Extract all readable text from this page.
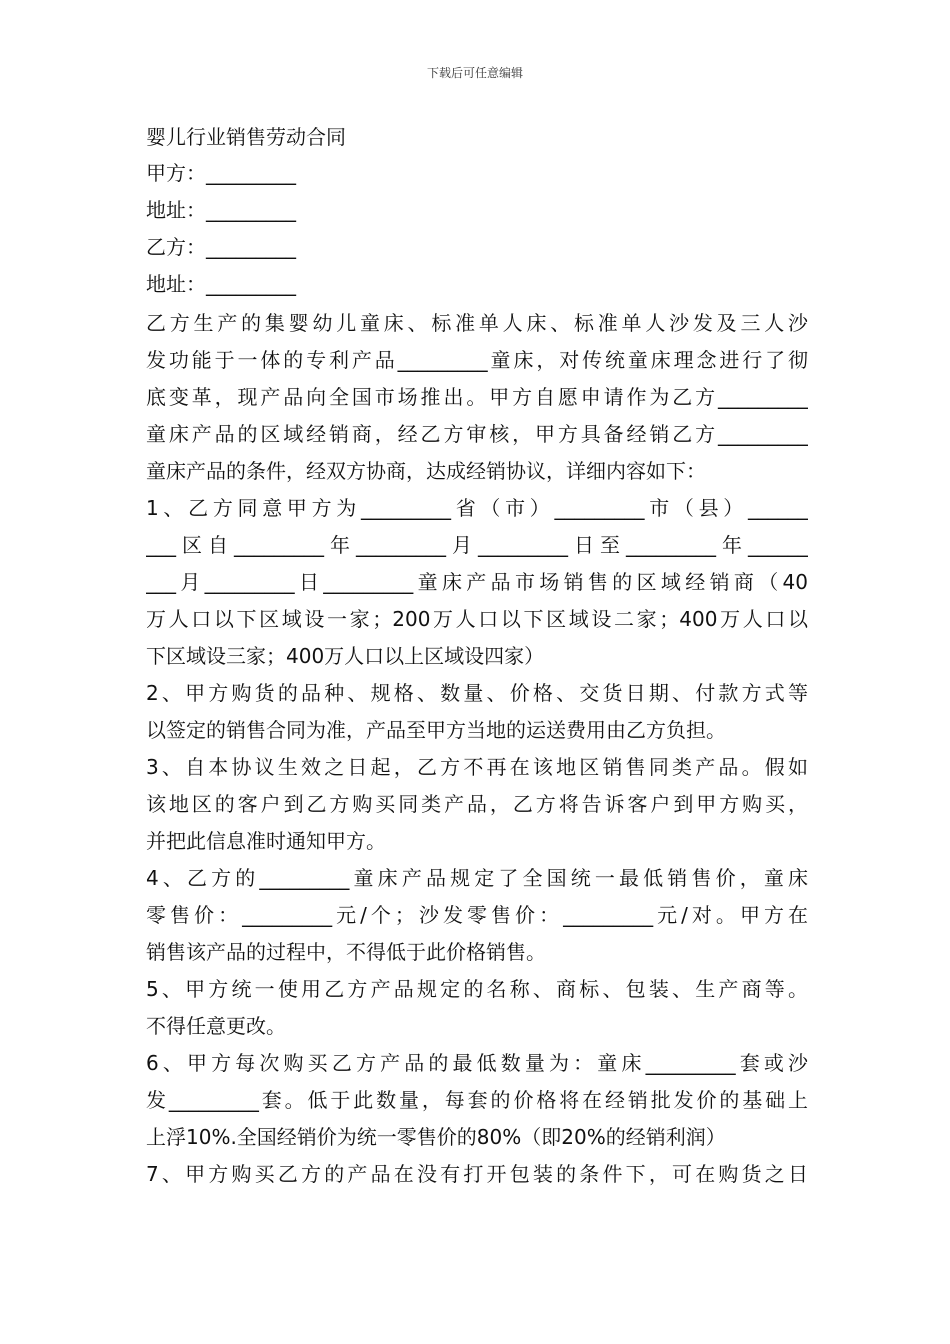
下载后可任意编辑
婴儿行业销售劳动合同
甲方：_________
地址：_________
乙方：_________
地址：_________
乙方生产的集婴幼儿童床、标准单人床、标准单人沙发及三人沙
发功能于一体的专利产品_________童床，对传统童床理念进行了彻
底变革，现产品向全国市场推出。甲方自愿申请作为乙方_________
童床产品的区域经销商，经乙方审核，甲方具备经销乙方_________
童床产品的条件，经双方协商，达成经销协议，详细内容如下：
1、乙方同意甲方为_________省（市）_________市（县）______
___区自_________年_________月_________日至_________年______
___月_________日_________童床产品市场销售的区域经销商（40
万人口以下区域设一家；200万人口以下区域设二家；400万人口以
下区域设三家；400万人口以上区域设四家）
2、甲方购货的品种、规格、数量、价格、交货日期、付款方式等
以签定的销售合同为准，产品至甲方当地的运送费用由乙方负担。
3、自本协议生效之日起，乙方不再在该地区销售同类产品。假如
该地区的客户到乙方购买同类产品，乙方将告诉客户到甲方购买，
并把此信息准时通知甲方。
4、乙方的_________童床产品规定了全国统一最低销售价，童床
零售价：_________元/个；沙发零售价：_________元/对。甲方在
销售该产品的过程中，不得低于此价格销售。
5、甲方统一使用乙方产品规定的名称、商标、包装、生产商等。
不得任意更改。
6、甲方每次购买乙方产品的最低数量为：童床_________套或沙
发_________套。低于此数量，每套的价格将在经销批发价的基础上
上浮10%.全国经销价为统一零售价的80%（即20%的经销利润）
7、甲方购买乙方的产品在没有打开包装的条件下，可在购货之日
